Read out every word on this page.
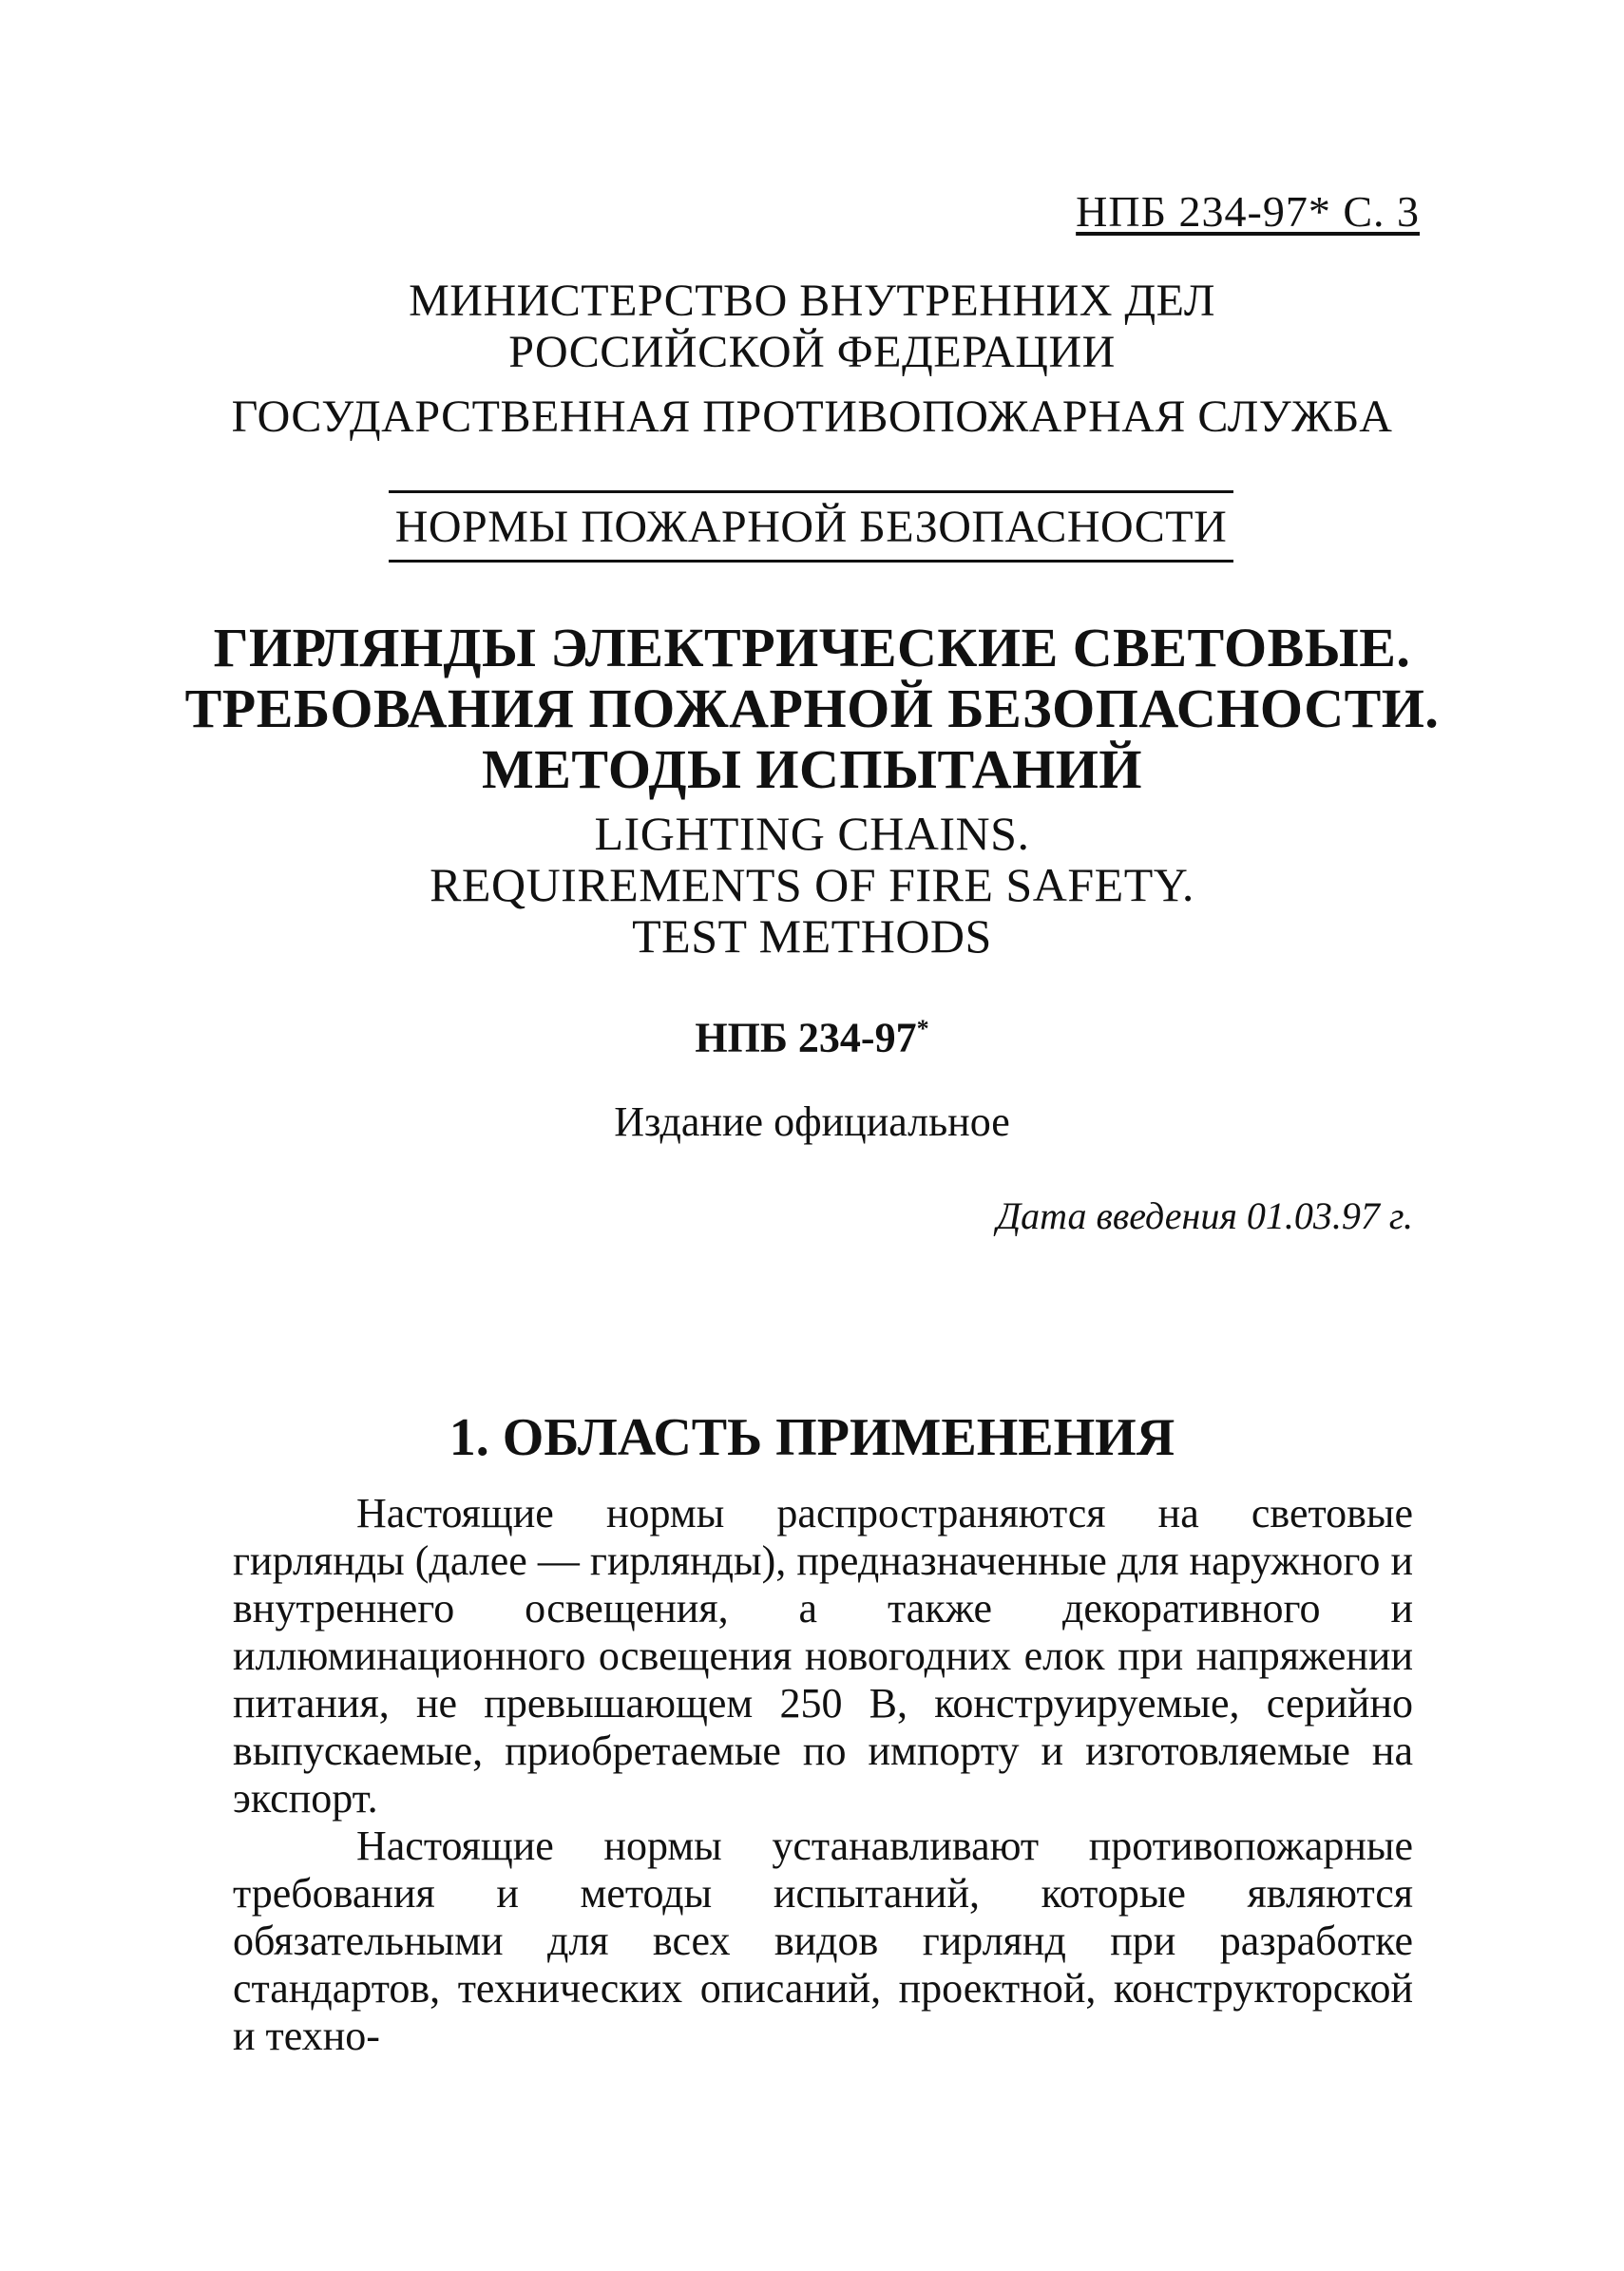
НПБ 234-97* С. 3
МИНИСТЕРСТВО ВНУТРЕННИХ ДЕЛ
РОССИЙСКОЙ ФЕДЕРАЦИИ
ГОСУДАРСТВЕННАЯ ПРОТИВОПОЖАРНАЯ СЛУЖБА
НОРМЫ ПОЖАРНОЙ БЕЗОПАСНОСТИ
ГИРЛЯНДЫ ЭЛЕКТРИЧЕСКИЕ СВЕТОВЫЕ.
ТРЕБОВАНИЯ ПОЖАРНОЙ БЕЗОПАСНОСТИ.
МЕТОДЫ ИСПЫТАНИЙ
LIGHTING CHAINS.
REQUIREMENTS OF FIRE SAFETY.
TEST METHODS
НПБ 234-97*
Издание официальное
Дата введения 01.03.97 г.
1. ОБЛАСТЬ ПРИМЕНЕНИЯ

Настоящие нормы распространяются на световые гирлянды (далее — гирлянды), предназначенные для наружного и внутреннего освещения, а также декоративного и иллюминационного освещения новогодних елок при напряжении питания, не превышающем 250 В, конструируемые, серийно выпускаемые, приобретаемые по импорту и изготовляемые на экспорт.

Настоящие нормы устанавливают противопожарные требования и методы испытаний, которые являются обязательными для всех видов гирлянд при разработке стандартов, технических описаний, проектной, конструкторской и техно-
